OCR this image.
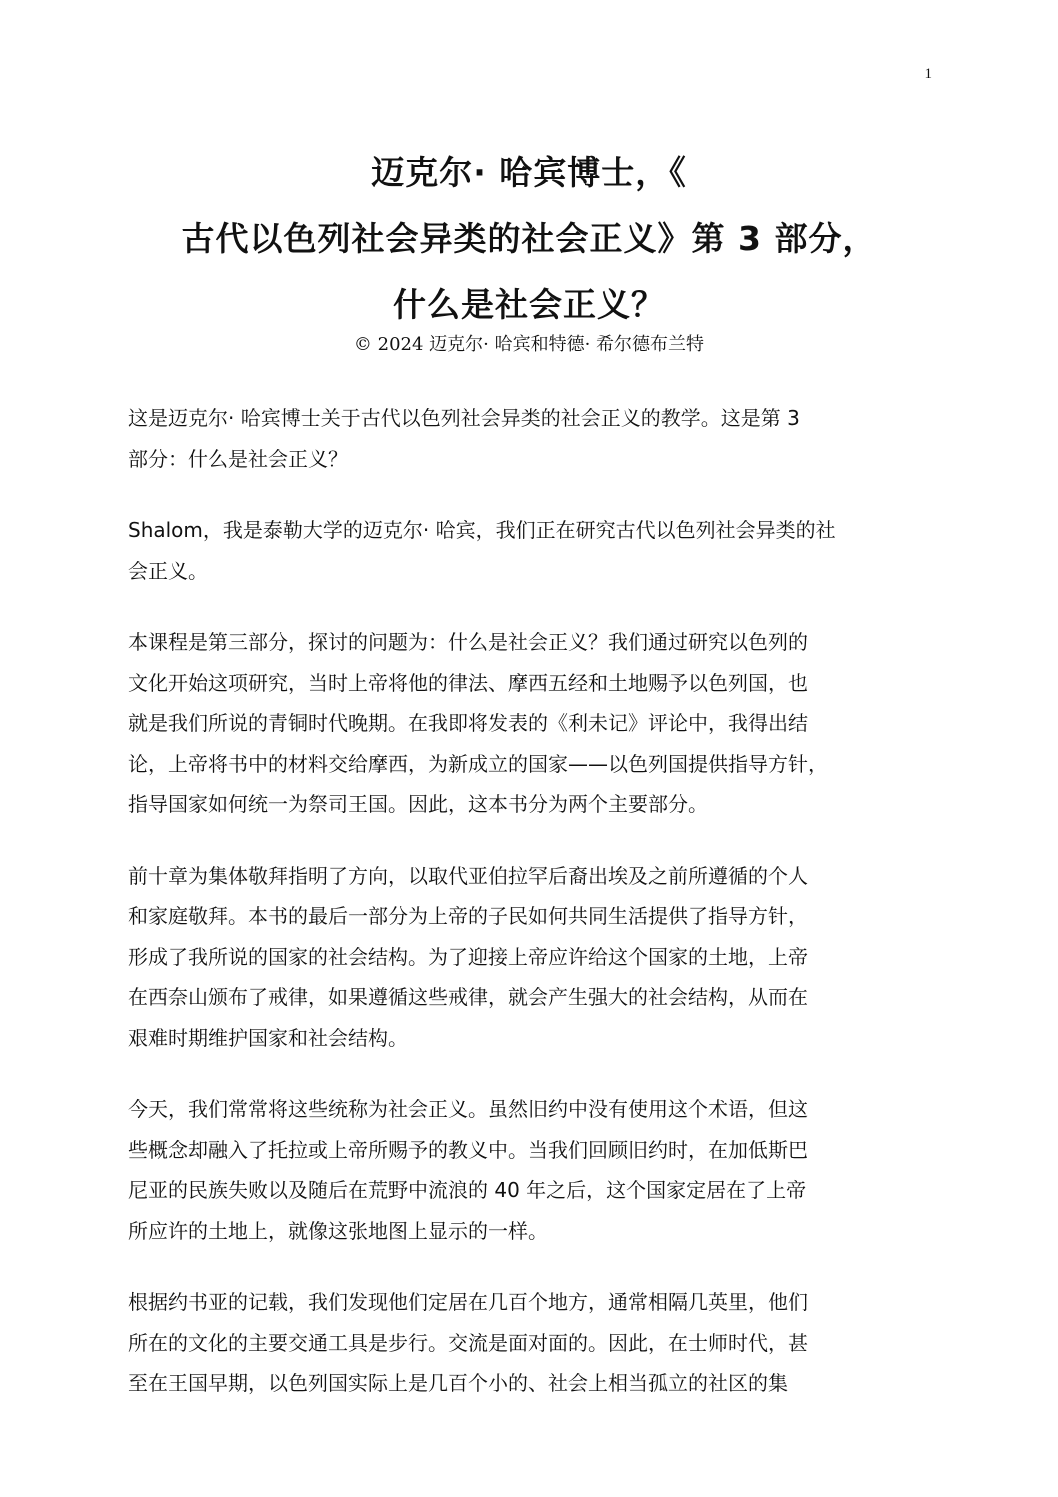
1
迈克尔· 哈宾博士，《
古代以色列社会异类的社会正义》第 3 部分，
什么是社会正义？
© 2024 迈克尔· 哈宾和特德· 希尔德布兰特
这是迈克尔· 哈宾博士关于古代以色列社会异类的社会正义的教学。这是第 3
部分：什么是社会正义？
Shalom，我是泰勒大学的迈克尔· 哈宾，我们正在研究古代以色列社会异类的社
会正义。
本课程是第三部分，探讨的问题为：什么是社会正义？我们通过研究以色列的
文化开始这项研究，当时上帝将他的律法、摩西五经和土地赐予以色列国，也
就是我们所说的青铜时代晚期。在我即将发表的《利未记》评论中，我得出结
论，上帝将书中的材料交给摩西，为新成立的国家——以色列国提供指导方针，
指导国家如何统一为祭司王国。因此，这本书分为两个主要部分。
前十章为集体敬拜指明了方向，以取代亚伯拉罕后裔出埃及之前所遵循的个人
和家庭敬拜。本书的最后一部分为上帝的子民如何共同生活提供了指导方针，
形成了我所说的国家的社会结构。为了迎接上帝应许给这个国家的土地，上帝
在西奈山颁布了戒律，如果遵循这些戒律，就会产生强大的社会结构，从而在
艰难时期维护国家和社会结构。
今天，我们常常将这些统称为社会正义。虽然旧约中没有使用这个术语，但这
些概念却融入了托拉或上帝所赐予的教义中。当我们回顾旧约时，在加低斯巴
尼亚的民族失败以及随后在荒野中流浪的 40 年之后，这个国家定居在了上帝
所应许的土地上，就像这张地图上显示的一样。
根据约书亚的记载，我们发现他们定居在几百个地方，通常相隔几英里，他们
所在的文化的主要交通工具是步行。交流是面对面的。因此，在士师时代，甚
至在王国早期，以色列国实际上是几百个小的、社会上相当孤立的社区的集
